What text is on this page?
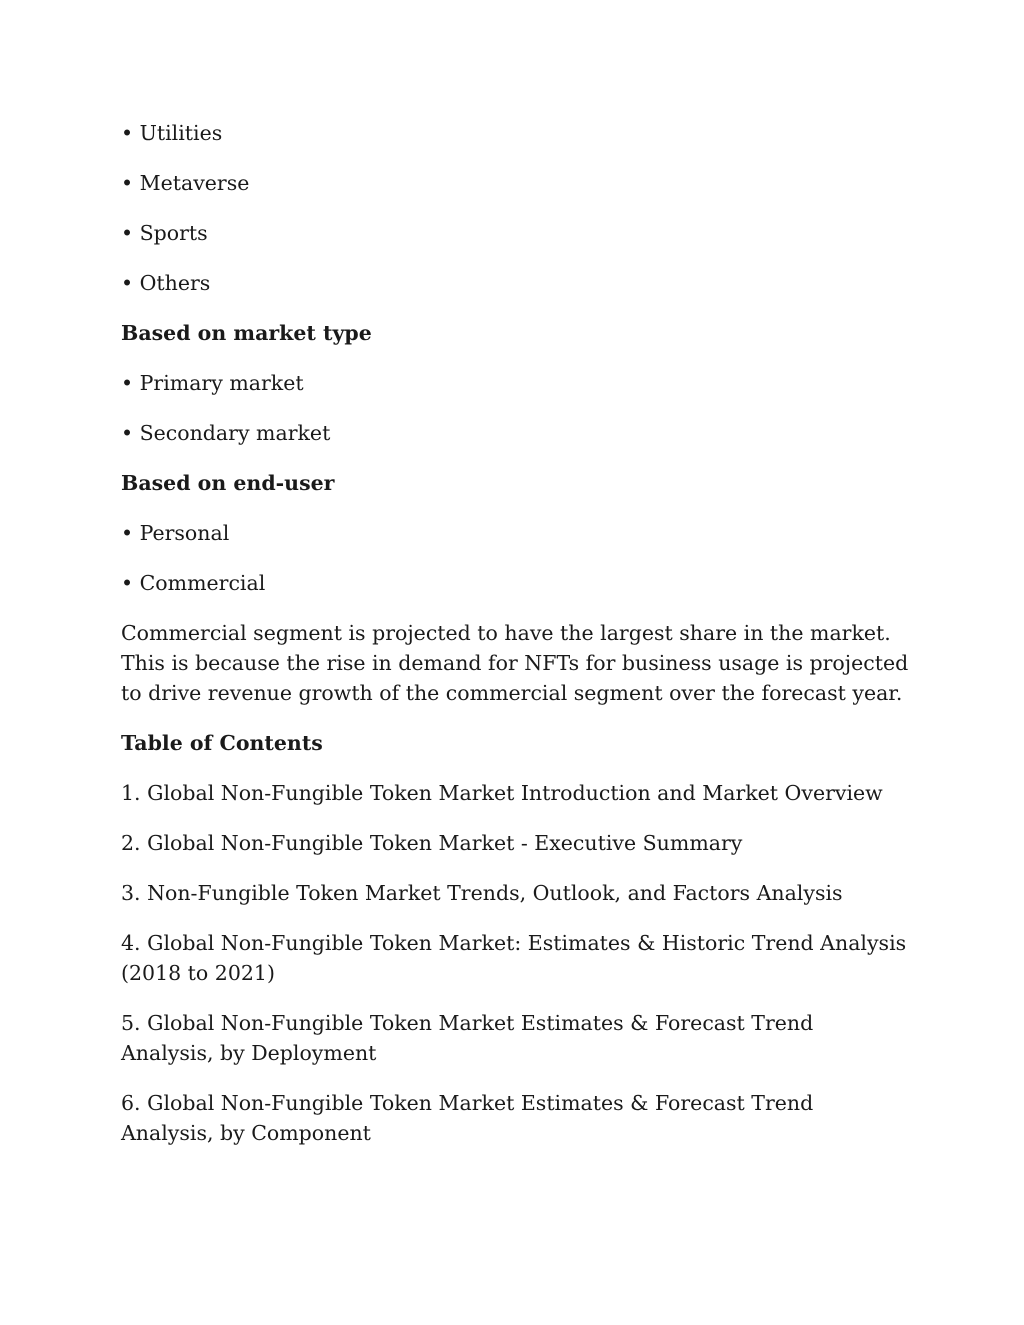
• Utilities

• Metaverse

• Sports

• Others

Based on market type

• Primary market

• Secondary market

Based on end-user

• Personal

• Commercial

Commercial segment is projected to have the largest share in the market. This is because the rise in demand for NFTs for business usage is projected to drive revenue growth of the commercial segment over the forecast year.

Table of Contents

1. Global Non-Fungible Token Market Introduction and Market Overview

2. Global Non-Fungible Token Market - Executive Summary

3. Non-Fungible Token Market Trends, Outlook, and Factors Analysis

4. Global Non-Fungible Token Market: Estimates & Historic Trend Analysis (2018 to 2021)

5. Global Non-Fungible Token Market Estimates & Forecast Trend Analysis, by Deployment

6. Global Non-Fungible Token Market Estimates & Forecast Trend Analysis, by Component
